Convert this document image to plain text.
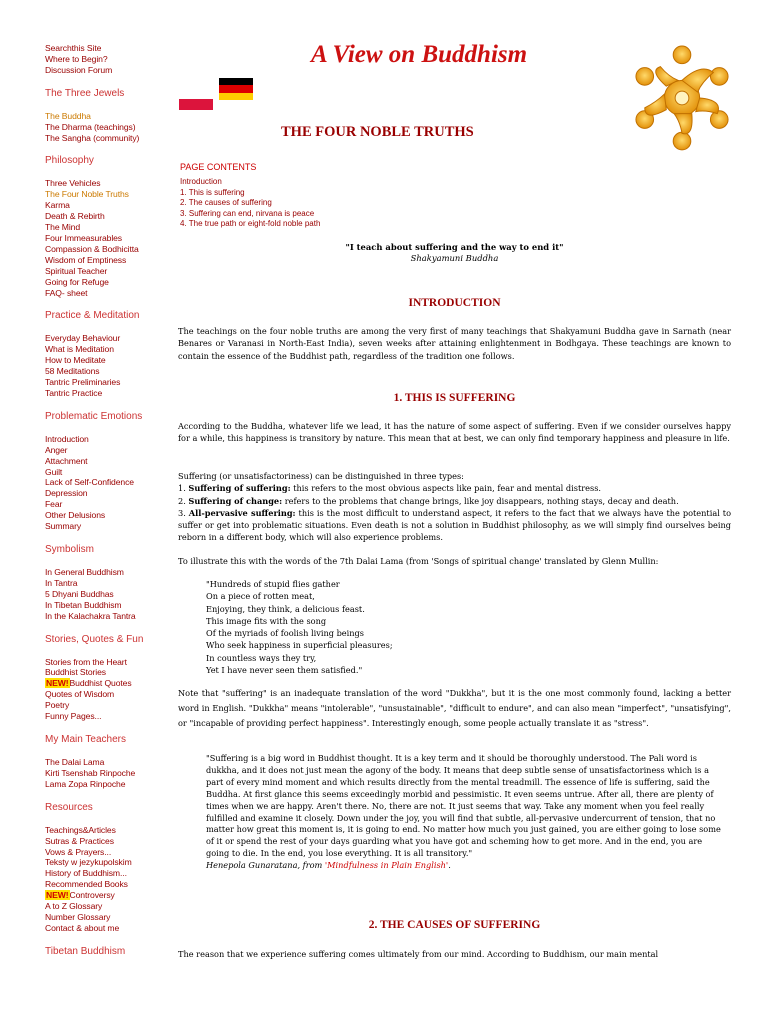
Searchthis Site
Where to Begin?
Discussion Forum
The Three Jewels
The Buddha
The Dharma (teachings)
The Sangha (community)
Philosophy
Three Vehicles
The Four Noble Truths
Karma
Death & Rebirth
The Mind
Four Immeasurables
Compassion & Bodhicitta
Wisdom of Emptiness
Spiritual Teacher
Going for Refuge
FAQ- sheet
Practice & Meditation
Everyday Behaviour
What is Meditation
How to Meditate
58 Meditations
Tantric Preliminaries
Tantric Practice
Problematic Emotions
Introduction
Anger
Attachment
Guilt
Lack of Self-Confidence
Depression
Fear
Other Delusions
Summary
Symbolism
In General Buddhism
In Tantra
5 Dhyani Buddhas
In Tibetan Buddhism
In the Kalachakra Tantra
Stories, Quotes & Fun
Stories from the Heart
Buddhist Stories
NEW!Buddhist Quotes
Quotes of Wisdom
Poetry
Funny Pages...
My Main Teachers
The Dalai Lama
Kirti Tsenshab Rinpoche
Lama Zopa Rinpoche
Resources
Teachings&Articles
Sutras & Practices
Vows & Prayers...
Teksty w jezykupolskim
History of Buddhism...
Recommended Books
NEW!Controversy
A to Z Glossary
Number Glossary
Contact & about me
Tibetan Buddhism
A View on Buddhism
THE FOUR NOBLE TRUTHS
PAGE CONTENTS
Introduction
1. This is suffering
2. The causes of suffering
3. Suffering can end, nirvana is peace
4. The true path or eight-fold noble path
"I teach about suffering and the way to end it"
Shakyamuni Buddha
INTRODUCTION
The teachings on the four noble truths are among the very first of many teachings that Shakyamuni Buddha gave in Sarnath (near Benares or Varanasi in North-East India), seven weeks after attaining enlightenment in Bodhgaya. These teachings are known to contain the essence of the Buddhist path, regardless of the tradition one follows.
1. THIS IS SUFFERING
According to the Buddha, whatever life we lead, it has the nature of some aspect of suffering. Even if we consider ourselves happy for a while, this happiness is transitory by nature. This mean that at best, we can only find temporary happiness and pleasure in life.
Suffering (or unsatisfactoriness) can be distinguished in three types:
1. Suffering of suffering: this refers to the most obvious aspects like pain, fear and mental distress.
2. Suffering of change: refers to the problems that change brings, like joy disappears, nothing stays, decay and death.
3. All-pervasive suffering: this is the most difficult to understand aspect, it refers to the fact that we always have the potential to suffer or get into problematic situations. Even death is not a solution in Buddhist philosophy, as we will simply find ourselves being reborn in a different body, which will also experience problems.
To illustrate this with the words of the 7th Dalai Lama (from 'Songs of spiritual change' translated by Glenn Mullin:
"Hundreds of stupid flies gather
On a piece of rotten meat,
Enjoying, they think, a delicious feast.
This image fits with the song
Of the myriads of foolish living beings
Who seek happiness in superficial pleasures;
In countless ways they try,
Yet I have never seen them satisfied."
Note that "suffering" is an inadequate translation of the word "Dukkha", but it is the one most commonly found, lacking a better word in English. "Dukkha" means "intolerable", "unsustainable", "difficult to endure", and can also mean "imperfect", "unsatisfying", or "incapable of providing perfect happiness". Interestingly enough, some people actually translate it as "stress".
"Suffering is a big word in Buddhist thought. It is a key term and it should be thoroughly understood. The Pali word is dukkha, and it does not just mean the agony of the body. It means that deep subtle sense of unsatisfactoriness which is a part of every mind moment and which results directly from the mental treadmill. The essence of life is suffering, said the Buddha. At first glance this seems exceedingly morbid and pessimistic. It even seems untrue. After all, there are plenty of times when we are happy. Aren't there. No, there are not. It just seems that way. Take any moment when you feel really fulfilled and examine it closely. Down under the joy, you will find that subtle, all-pervasive undercurrent of tension, that no matter how great this moment is, it is going to end. No matter how much you just gained, you are either going to lose some of it or spend the rest of your days guarding what you have got and scheming how to get more. And in the end, you are going to die. In the end, you lose everything. It is all transitory."
Henepola Gunaratana, from 'Mindfulness in Plain English'.
2. THE CAUSES OF SUFFERING
The reason that we experience suffering comes ultimately from our mind. According to Buddhism, our main mental
